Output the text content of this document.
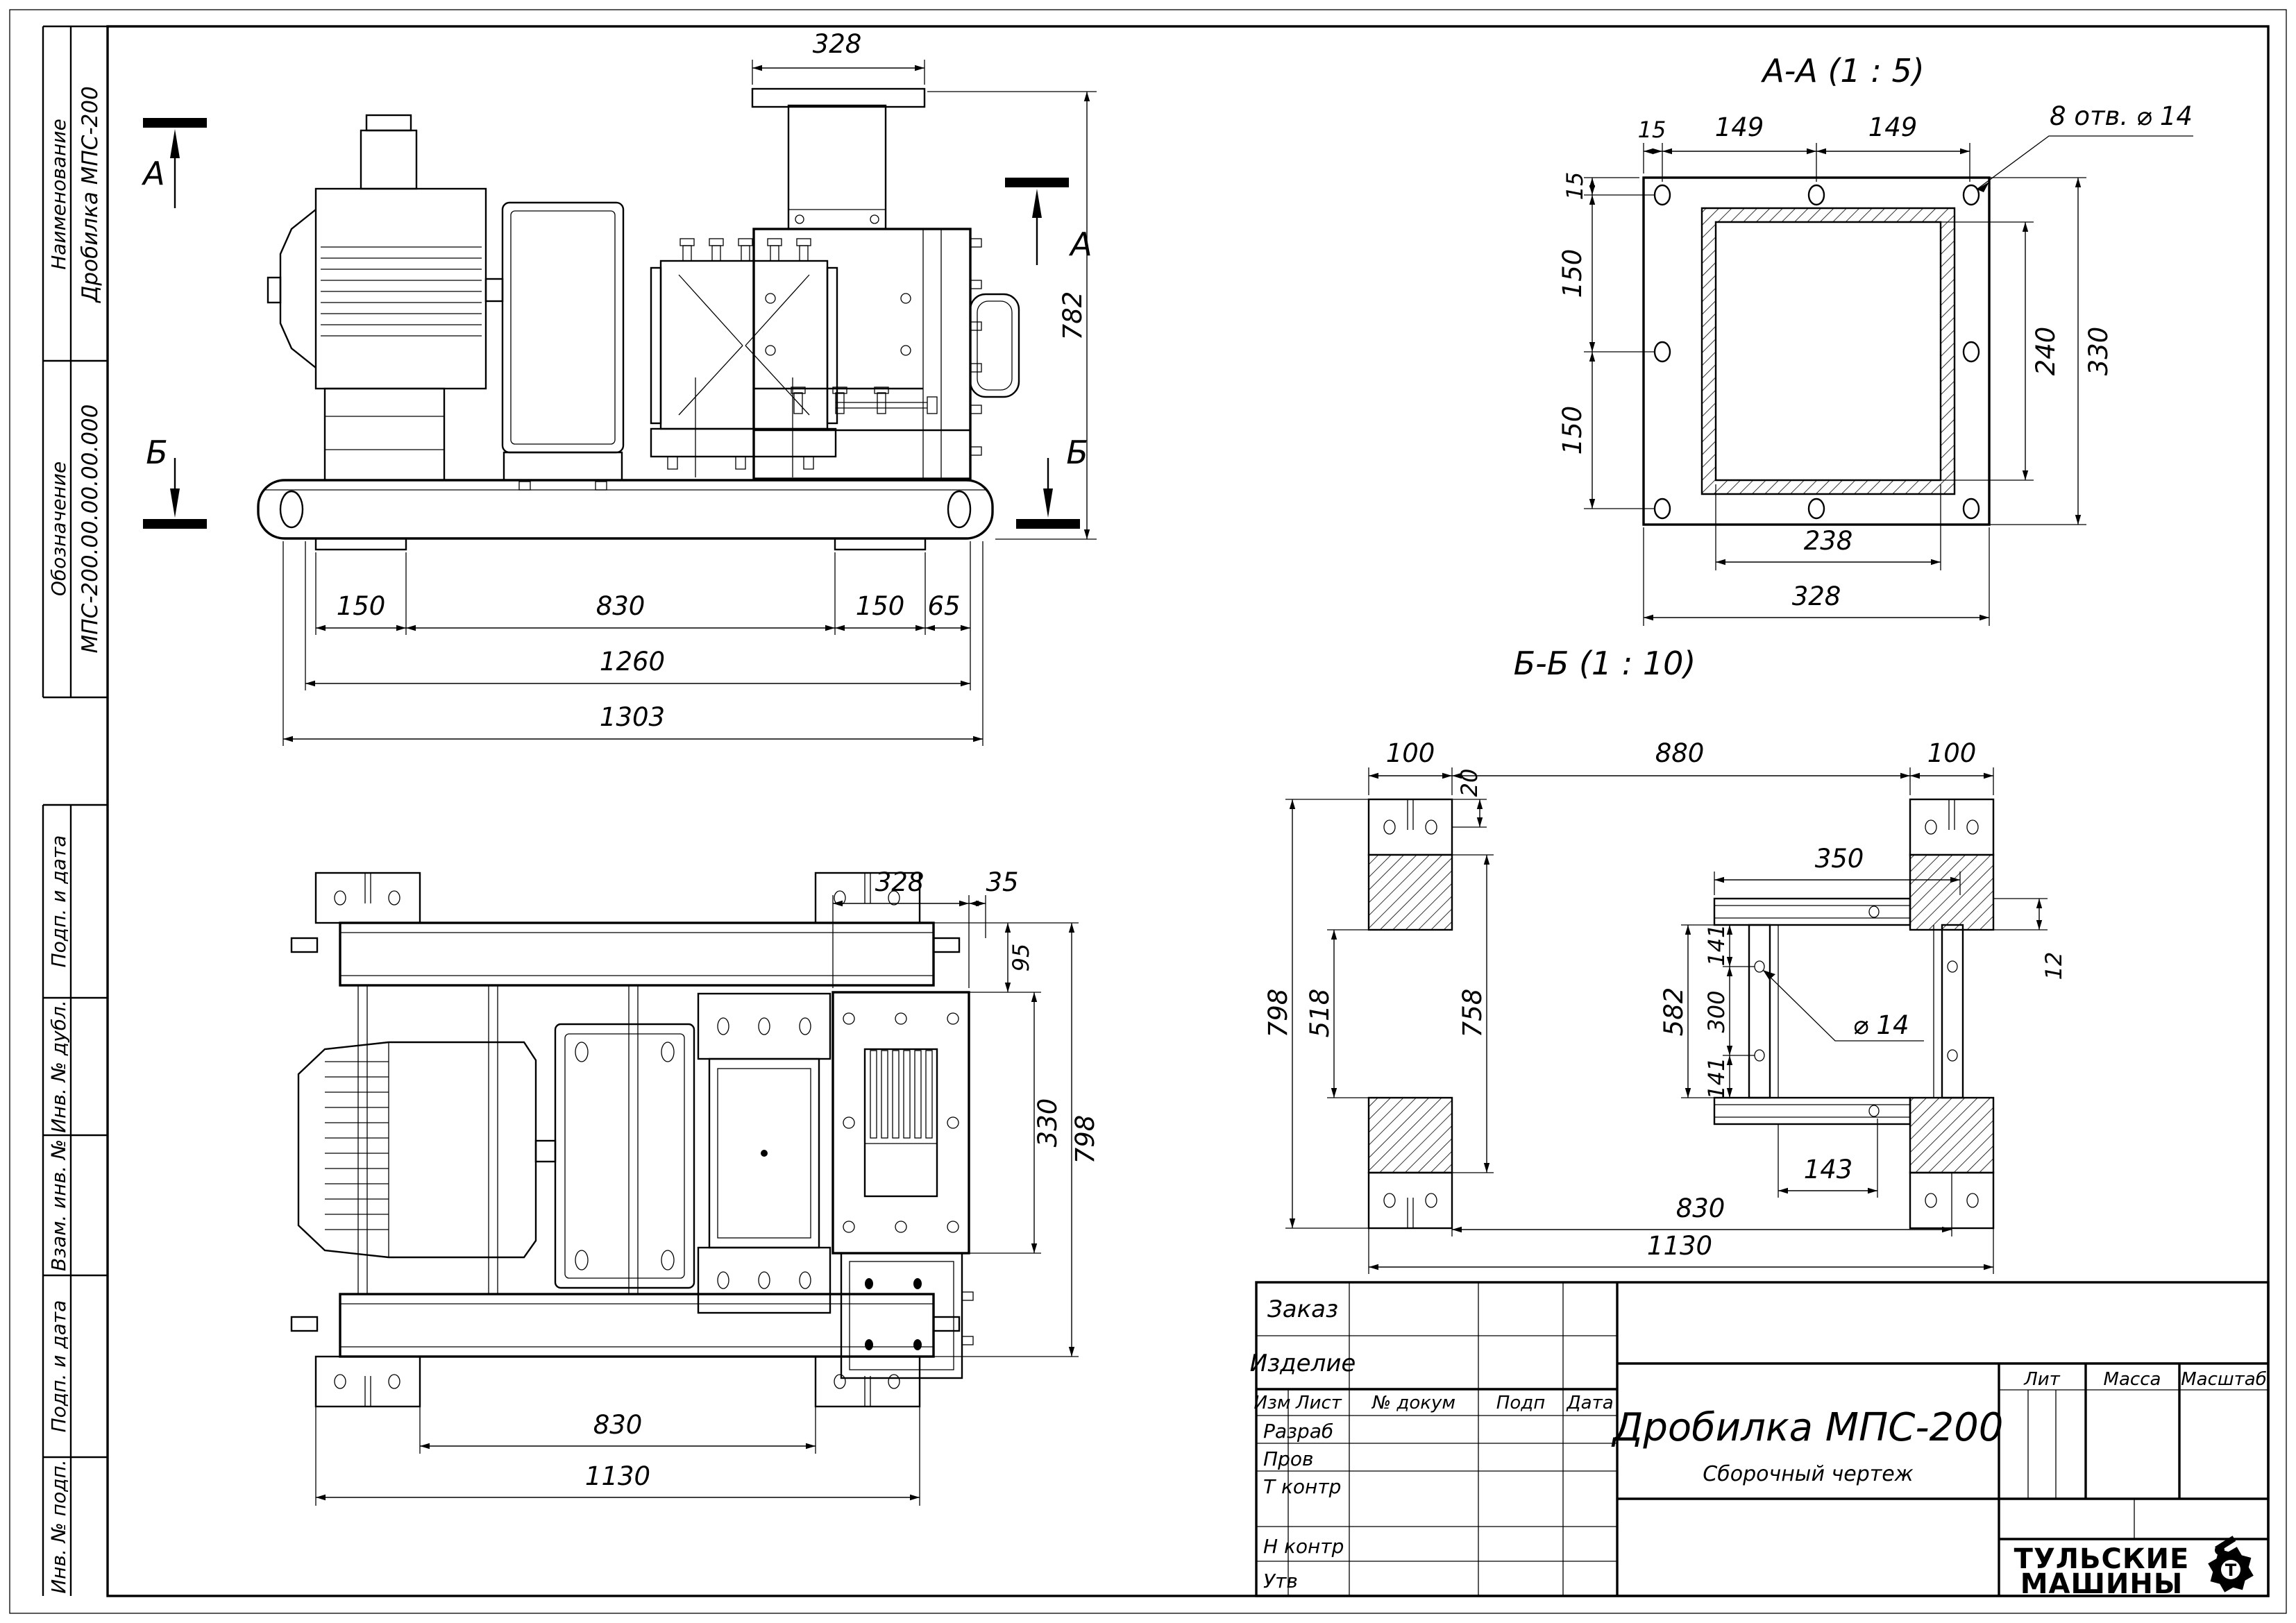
Наименование Дробилка МПС-200
Обозначение МПС-200.00.00.00.000
Подп. и дата
Инв. № дубл.
Взам. инв. №
Подп. и дата
Инв. № подп.
А
А
Б	Б
328
782
150	830	150 65
1260
1303
А-А (1 : 5)
15 149	149	8 отв. ⌀ 14
15
150
150
240 330
238
328
Б-Б (1 : 10)
⌀ 14
100	880	100
20
350
12
141
300
141
582
518	758
798
143
830
1130
328 35
95
330 798
830
1130
Заказ
Изделие
Изм Лист № докум Подп Дата
Разраб
Пров
Т контр
Н контр
Утв
Дробилка МПС-200
Сборочный чертеж
Лит Масса Масштаб
ТУЛЬСКИЕ
МАШИНЫ	Т
